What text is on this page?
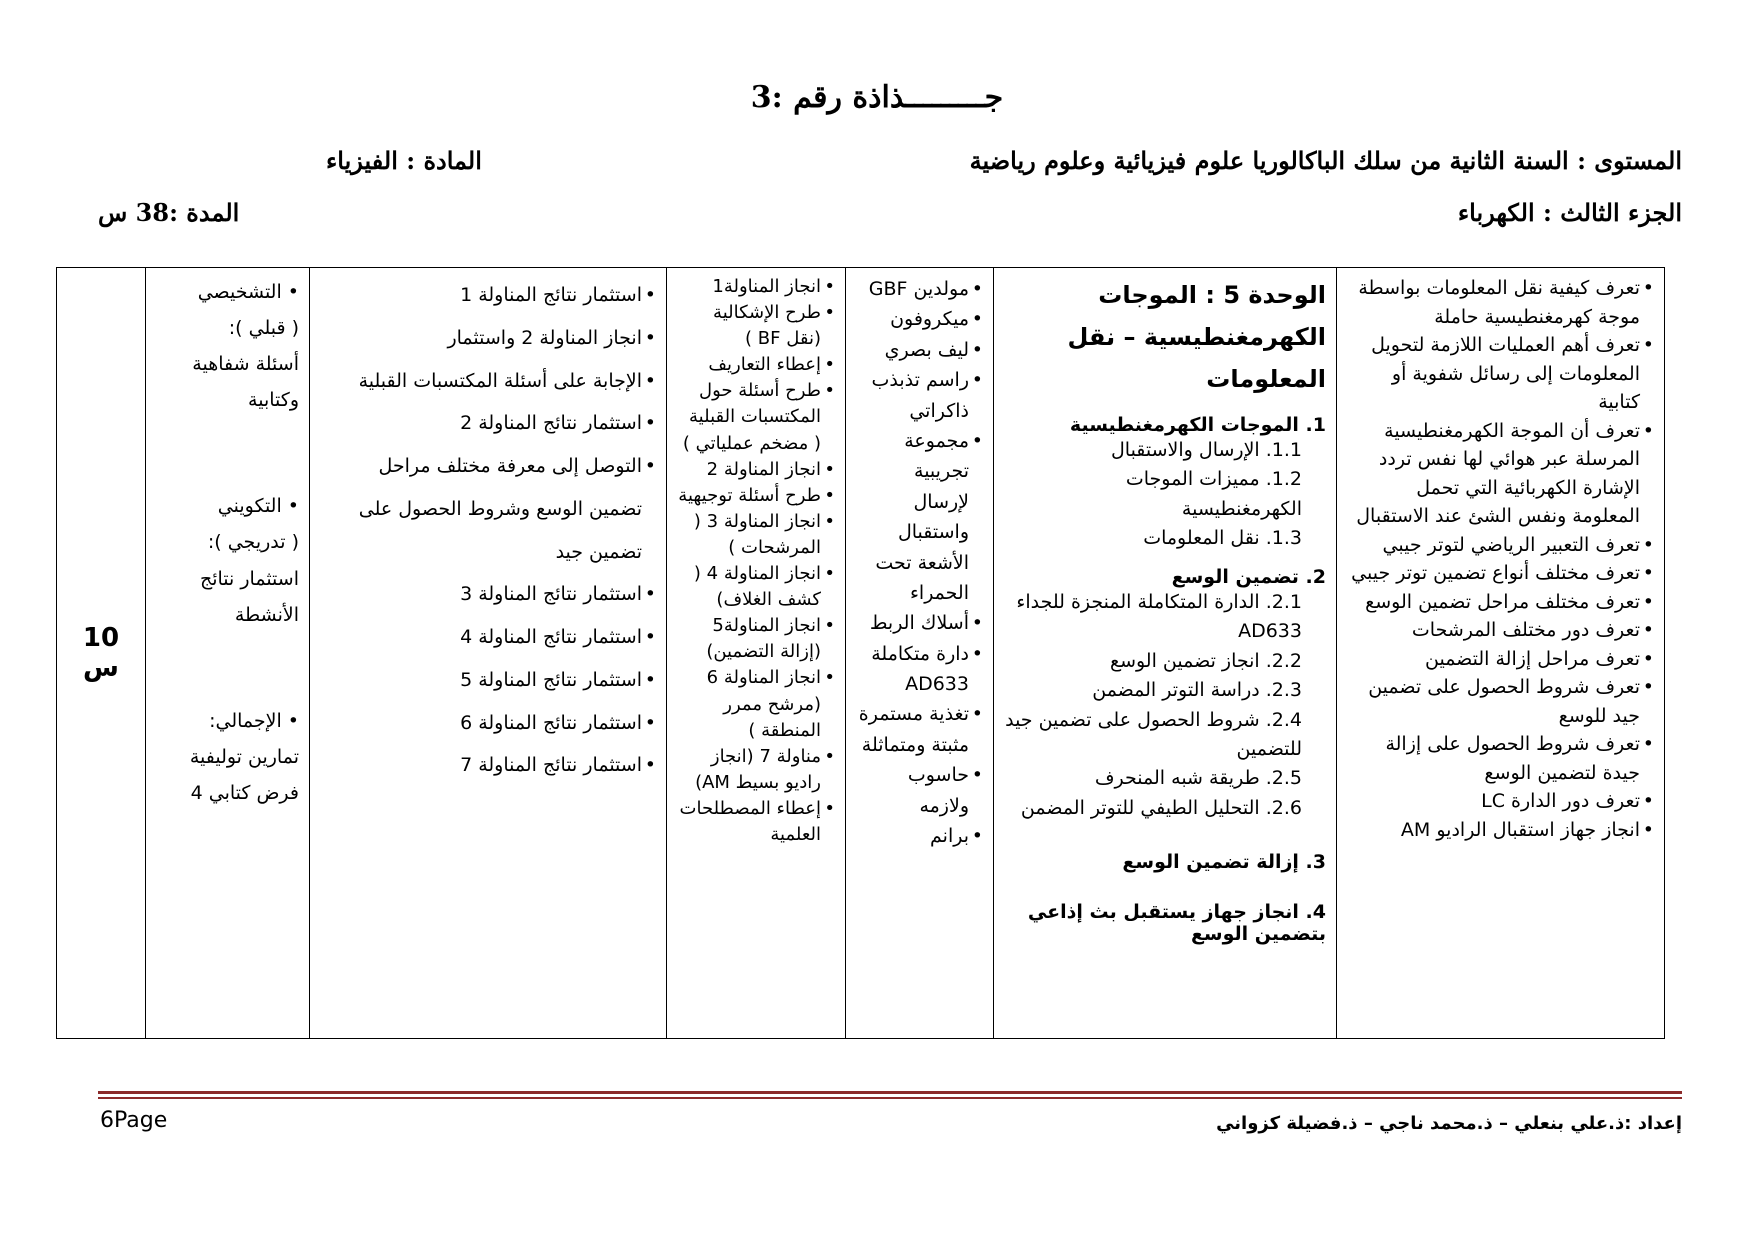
جـــــــــذاذة رقم :3
المستوى : السنة الثانية من سلك الباكالوريا علوم فيزيائية وعلوم رياضية
المادة : الفيزياء
الجزء الثالث : الكهرباء
المدة :38 س
• تعرف كيفية نقل المعلومات بواسطة موجة كهرمغنطيسية حاملة
• تعرف أهم العمليات اللازمة لتحويل المعلومات إلى رسائل شفوية أو كتابية
• تعرف أن الموجة الكهرمغنطيسية المرسلة عبر هوائي لها نفس تردد الإشارة الكهربائية التي تحمل المعلومة ونفس الشئ عند الاستقبال
• تعرف التعبير الرياضي لتوتر جيبي
• تعرف مختلف أنواع تضمين توتر جيبي
• تعرف مختلف مراحل تضمين الوسع
• تعرف دور مختلف المرشحات
• تعرف مراحل إزالة التضمين
• تعرف شروط الحصول على تضمين جيد للوسع
• تعرف شروط الحصول على إزالة جيدة لتضمين الوسع
• تعرف دور الدارة LC
• انجاز جهاز استقبال الراديو AM

الوحدة 5 : الموجات الكهرمغنطيسية – نقل المعلومات
1. الموجات الكهرمغنطيسية
1.1. الإرسال والاستقبال
1.2. مميزات الموجات الكهرمغنطيسية
1.3. نقل المعلومات
2. تضمين الوسع
2.1. الدارة المتكاملة المنجزة للجداء AD633
2.2. انجاز تضمين الوسع
2.3. دراسة التوتر المضمن
2.4. شروط الحصول على تضمين جيد للتضمين
2.5. طريقة شبه المنحرف
2.6. التحليل الطيفي للتوتر المضمن
3. إزالة تضمين الوسع
4. انجاز جهاز يستقبل بث إذاعي بتضمين الوسع

• مولدين GBF
• ميكروفون
• ليف بصري
• راسم تذبذب ذاكراتي
• مجموعة تجريبية لإرسال واستقبال الأشعة تحت الحمراء
• أسلاك الربط
• دارة متكاملة AD633
• تغذية مستمرة مثبتة ومتماثلة
• حاسوب ولازمه
• برانم

• انجاز المناولة1
• طرح الإشكالية (نقل BF )
• إعطاء التعاريف
• طرح أسئلة حول المكتسبات القبلية ( مضخم عملياتي )
• انجاز المناولة 2
• طرح أسئلة توجيهية
• انجاز المناولة 3 ( المرشحات )
• انجاز المناولة 4 ( كشف الغلاف)
• انجاز المناولة5 (إزالة التضمين)
• انجاز المناولة 6 (مرشح ممرر المنطقة )
• مناولة 7 (انجاز راديو بسيط AM)
• إعطاء المصطلحات العلمية

• استثمار نتائج المناولة 1
• انجاز المناولة 2 واستثمار
• الإجابة على أسئلة المكتسبات القبلية
• استثمار نتائج المناولة 2
• التوصل إلى معرفة مختلف مراحل تضمين الوسع وشروط الحصول على تضمين جيد
• استثمار نتائج المناولة 3
• استثمار نتائج المناولة 4
• استثمار نتائج المناولة 5
• استثمار نتائج المناولة 6
• استثمار نتائج المناولة 7

• التشخيصي
( قبلي ):
أسئلة شفاهية وكتابية
• التكويني
( تدريجي ):
استثمار نتائج الأنشطة
• الإجمالي:
تمارين توليفية
فرض كتابي 4

10
س
6Page	إعداد :ذ.علي بنعلي – ذ.محمد ناجي – ذ.فضيلة كزواني
